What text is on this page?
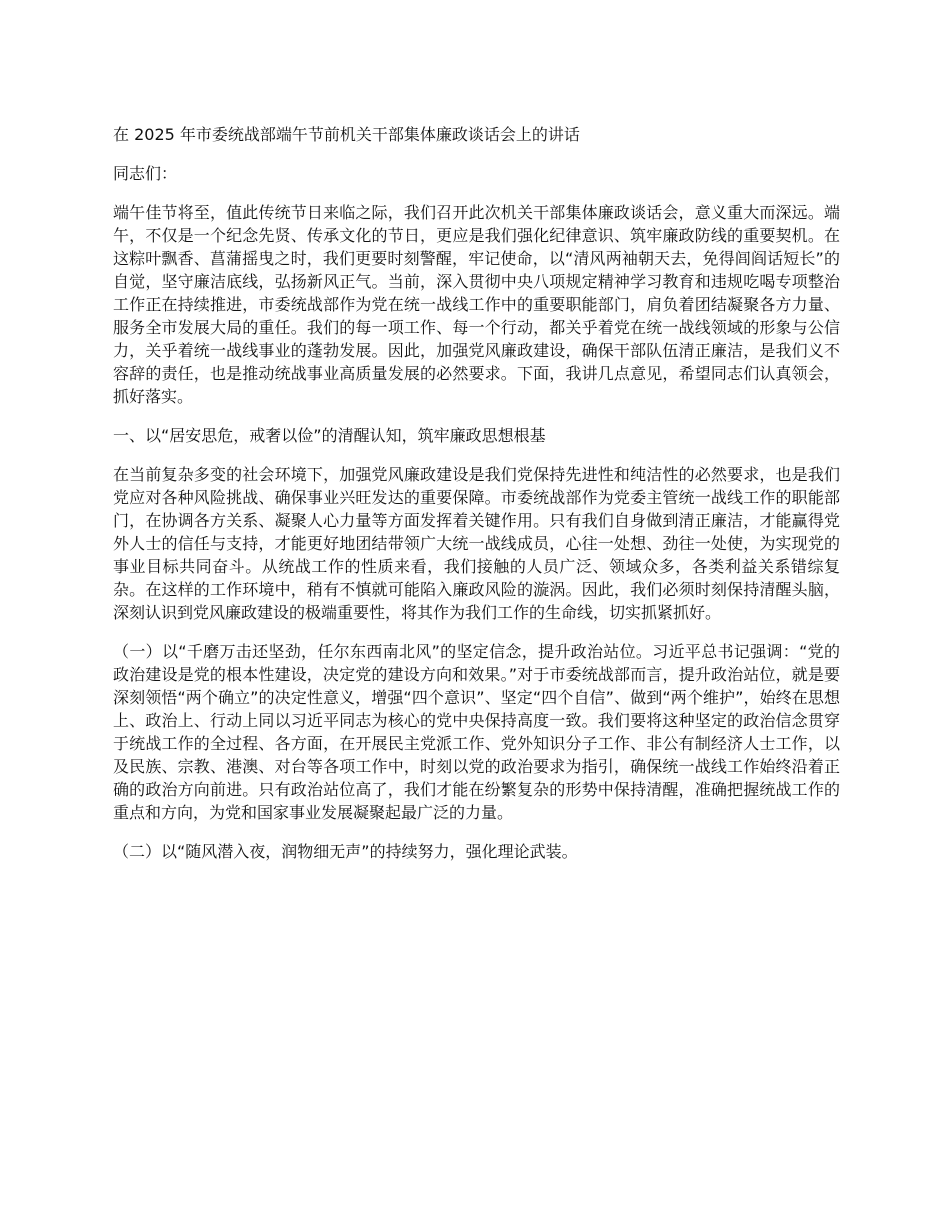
在 2025 年市委统战部端午节前机关干部集体廉政谈话会上的讲话

同志们：

端午佳节将至，值此传统节日来临之际，我们召开此次机关干部集体廉政谈话会，意义重大而深远。端午，不仅是一个纪念先贤、传承文化的节日，更应是我们强化纪律意识、筑牢廉政防线的重要契机。在这粽叶飘香、菖蒲摇曳之时，我们更要时刻警醒，牢记使命，以“清风两袖朝天去，免得闾阎话短长”的自觉，坚守廉洁底线，弘扬新风正气。当前，深入贯彻中央八项规定精神学习教育和违规吃喝专项整治工作正在持续推进，市委统战部作为党在统一战线工作中的重要职能部门，肩负着团结凝聚各方力量、服务全市发展大局的重任。我们的每一项工作、每一个行动，都关乎着党在统一战线领域的形象与公信力，关乎着统一战线事业的蓬勃发展。因此，加强党风廉政建设，确保干部队伍清正廉洁，是我们义不容辞的责任，也是推动统战事业高质量发展的必然要求。下面，我讲几点意见，希望同志们认真领会，抓好落实。

一、以“居安思危，戒奢以俭”的清醒认知，筑牢廉政思想根基

在当前复杂多变的社会环境下，加强党风廉政建设是我们党保持先进性和纯洁性的必然要求，也是我们党应对各种风险挑战、确保事业兴旺发达的重要保障。市委统战部作为党委主管统一战线工作的职能部门，在协调各方关系、凝聚人心力量等方面发挥着关键作用。只有我们自身做到清正廉洁，才能赢得党外人士的信任与支持，才能更好地团结带领广大统一战线成员，心往一处想、劲往一处使，为实现党的事业目标共同奋斗。从统战工作的性质来看，我们接触的人员广泛、领域众多，各类利益关系错综复杂。在这样的工作环境中，稍有不慎就可能陷入廉政风险的漩涡。因此，我们必须时刻保持清醒头脑，深刻认识到党风廉政建设的极端重要性，将其作为我们工作的生命线，切实抓紧抓好。

（一）以“千磨万击还坚劲，任尔东西南北风”的坚定信念，提升政治站位。习近平总书记强调：“党的政治建设是党的根本性建设，决定党的建设方向和效果。”对于市委统战部而言，提升政治站位，就是要深刻领悟“两个确立”的决定性意义，增强“四个意识”、坚定“四个自信”、做到“两个维护”，始终在思想上、政治上、行动上同以习近平同志为核心的党中央保持高度一致。我们要将这种坚定的政治信念贯穿于统战工作的全过程、各方面，在开展民主党派工作、党外知识分子工作、非公有制经济人士工作，以及民族、宗教、港澳、对台等各项工作中，时刻以党的政治要求为指引，确保统一战线工作始终沿着正确的政治方向前进。只有政治站位高了，我们才能在纷繁复杂的形势中保持清醒，准确把握统战工作的重点和方向，为党和国家事业发展凝聚起最广泛的力量。

（二）以“随风潜入夜，润物细无声”的持续努力，强化理论武装。
